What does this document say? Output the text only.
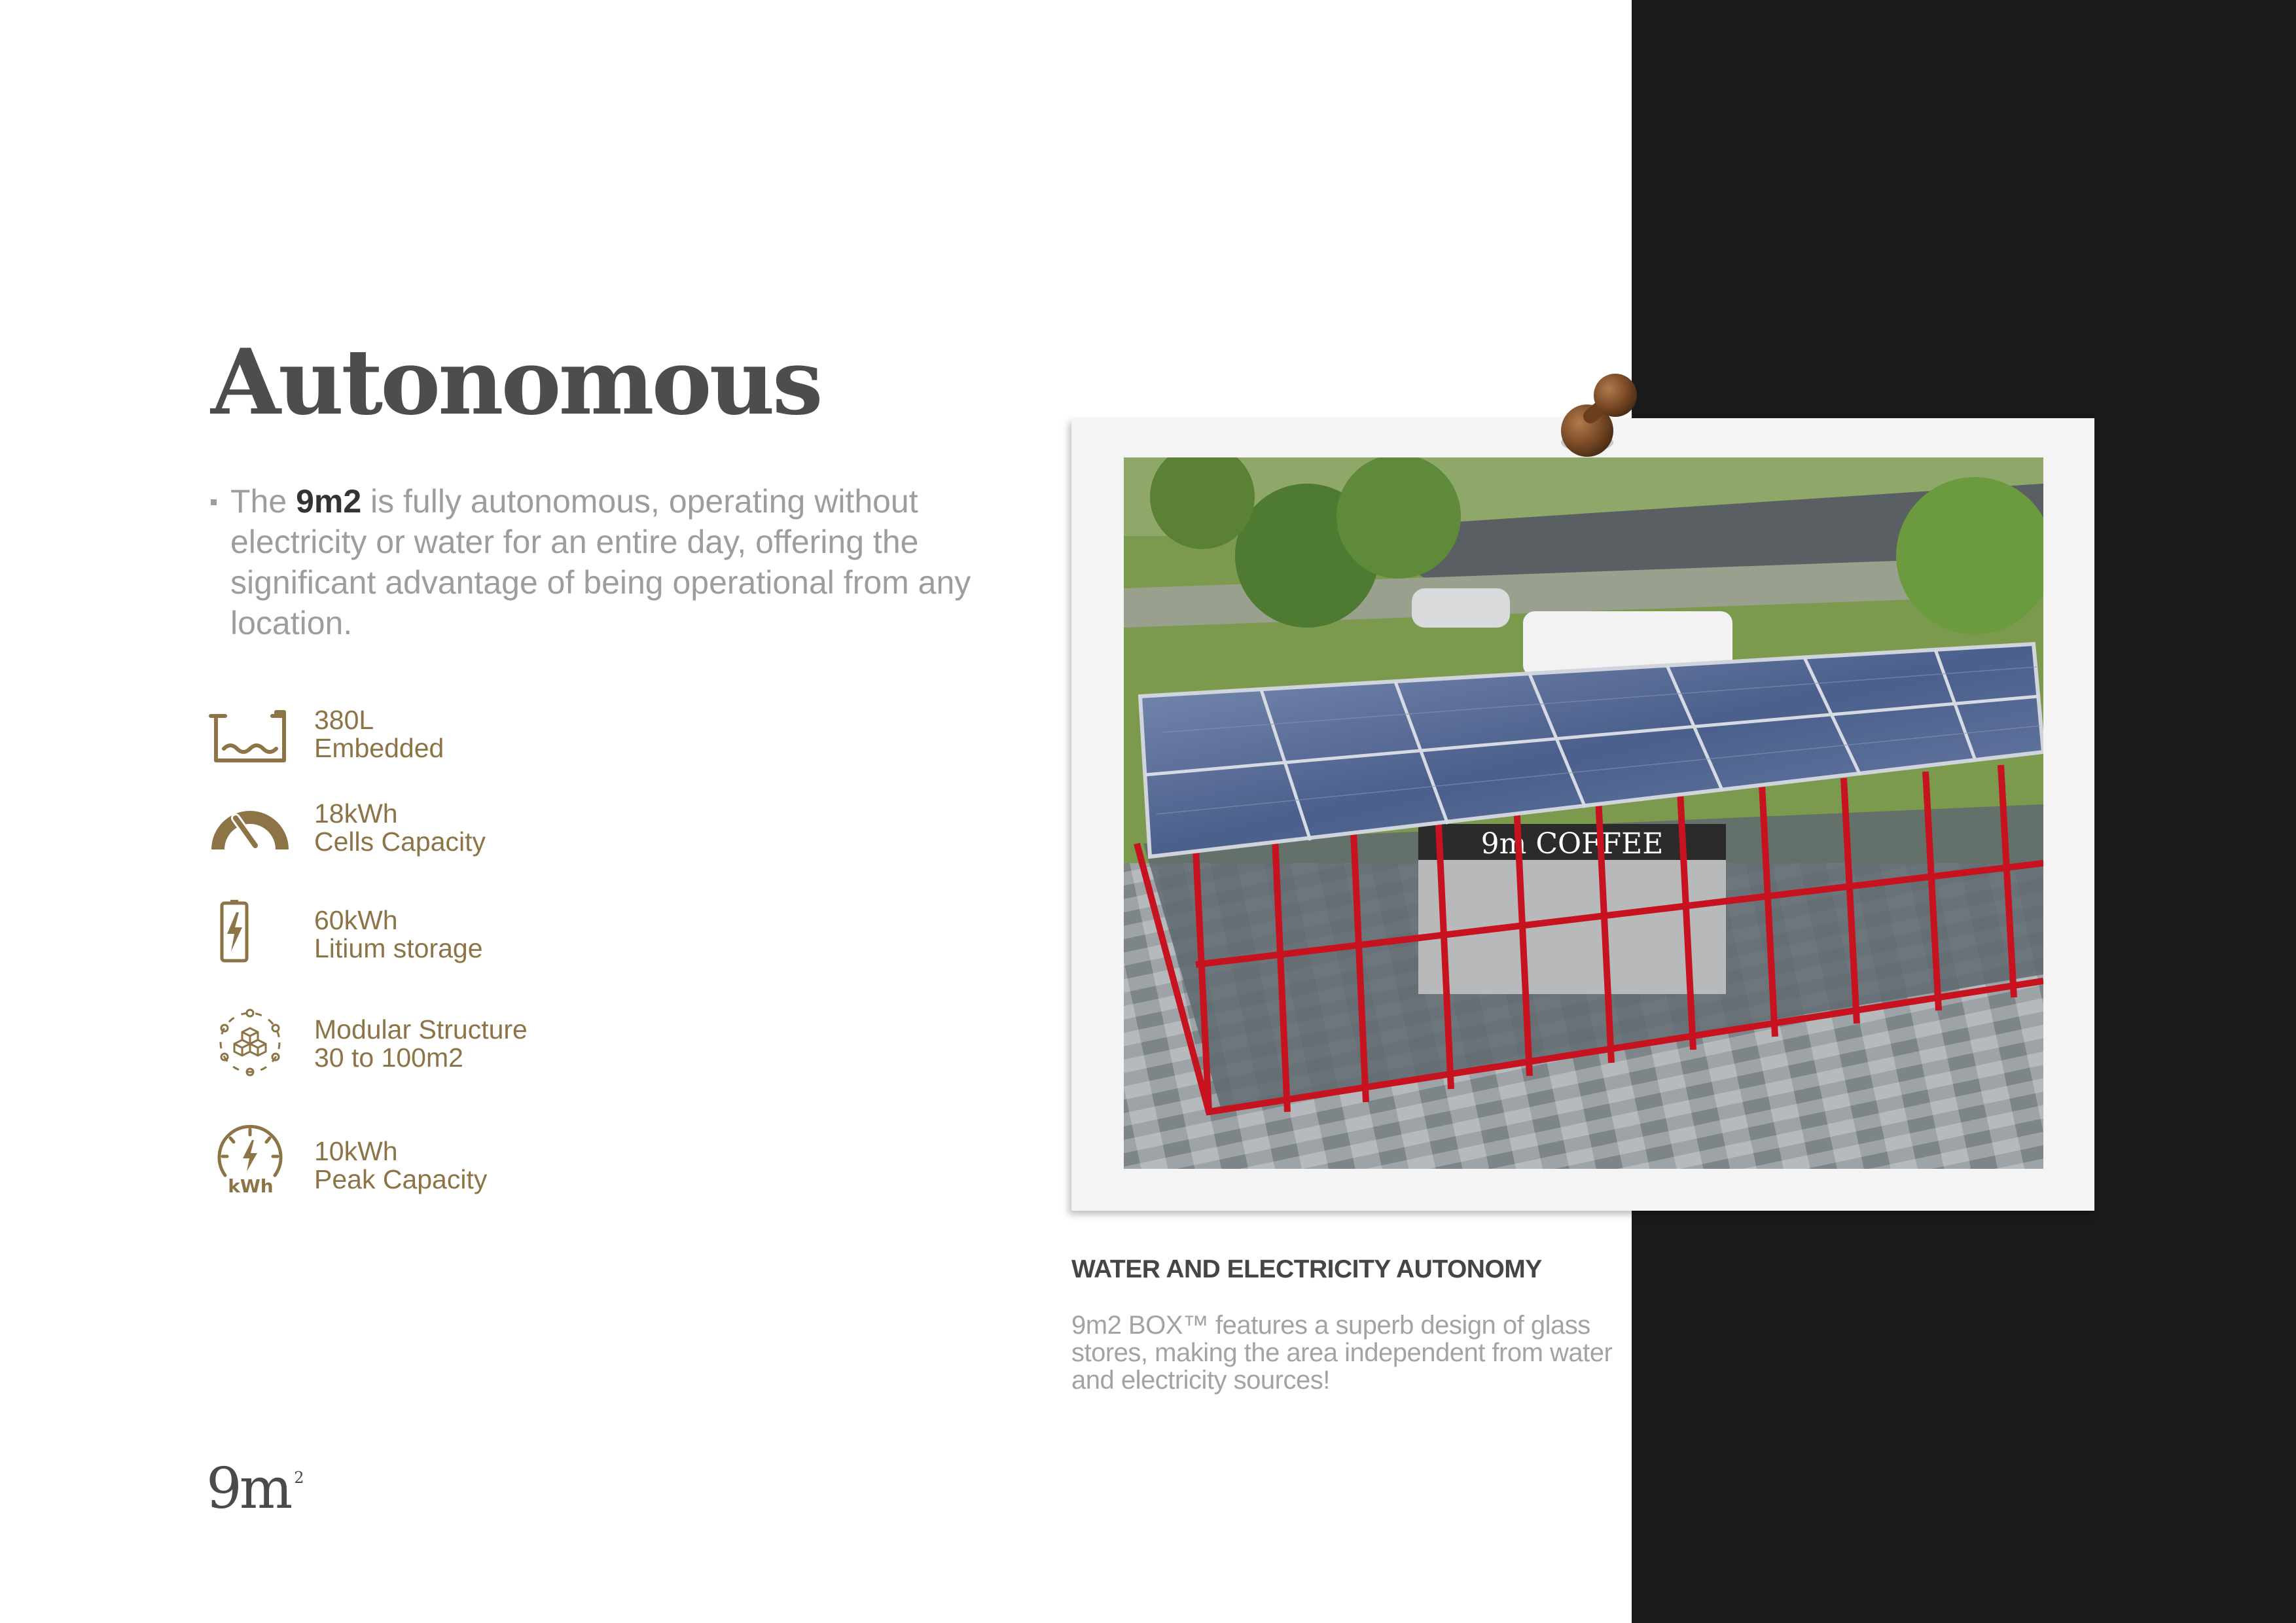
Autonomous
The 9m2 is fully autonomous, operating without electricity or water for an entire day, offering the significant advantage of being operational from any location.
380L
Embedded
18kWh
Cells Capacity
60kWh
Litium storage
Modular Structure
30 to 100m2
kWh
10kWh
Peak Capacity
9m COFFEE
WATER AND ELECTRICITY AUTONOMY
9m2 BOX™ features a superb design of glass stores, making the area independent from water and electricity sources!
9m $^2$
